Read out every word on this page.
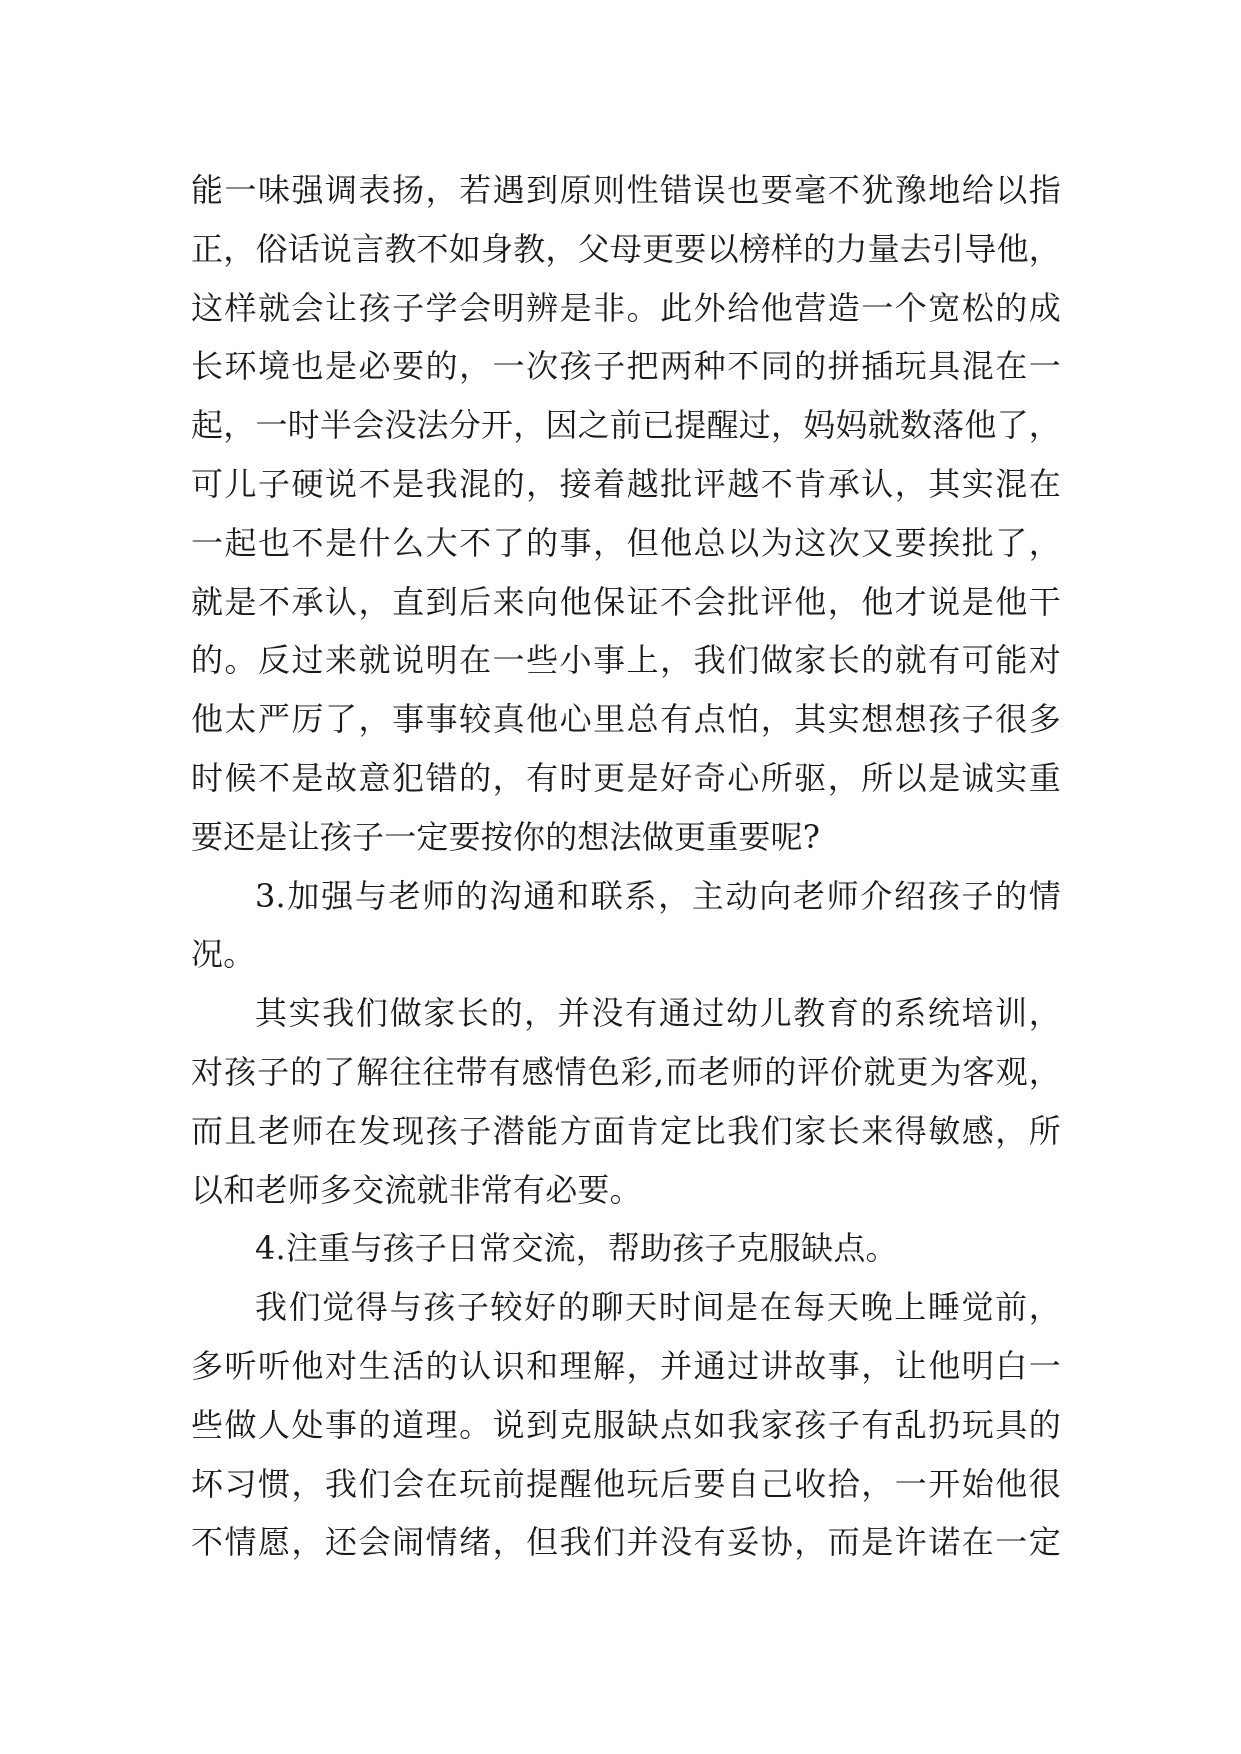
能一味强调表扬，若遇到原则性错误也要毫不犹豫地给以指
正，俗话说言教不如身教，父母更要以榜样的力量去引导他，
这样就会让孩子学会明辨是非。此外给他营造一个宽松的成
长环境也是必要的，一次孩子把两种不同的拼插玩具混在一
起，一时半会没法分开，因之前已提醒过，妈妈就数落他了，
可儿子硬说不是我混的，接着越批评越不肯承认，其实混在
一起也不是什么大不了的事，但他总以为这次又要挨批了，
就是不承认，直到后来向他保证不会批评他，他才说是他干
的。反过来就说明在一些小事上，我们做家长的就有可能对
他太严厉了，事事较真他心里总有点怕，其实想想孩子很多
时候不是故意犯错的，有时更是好奇心所驱，所以是诚实重
要还是让孩子一定要按你的想法做更重要呢?
3.加强与老师的沟通和联系，主动向老师介绍孩子的情
况。
其实我们做家长的，并没有通过幼儿教育的系统培训，
对孩子的了解往往带有感情色彩,而老师的评价就更为客观，
而且老师在发现孩子潜能方面肯定比我们家长来得敏感，所
以和老师多交流就非常有必要。
4.注重与孩子日常交流，帮助孩子克服缺点。
我们觉得与孩子较好的聊天时间是在每天晚上睡觉前，
多听听他对生活的认识和理解，并通过讲故事，让他明白一
些做人处事的道理。说到克服缺点如我家孩子有乱扔玩具的
坏习惯，我们会在玩前提醒他玩后要自己收拾，一开始他很
不情愿，还会闹情绪，但我们并没有妥协，而是许诺在一定
